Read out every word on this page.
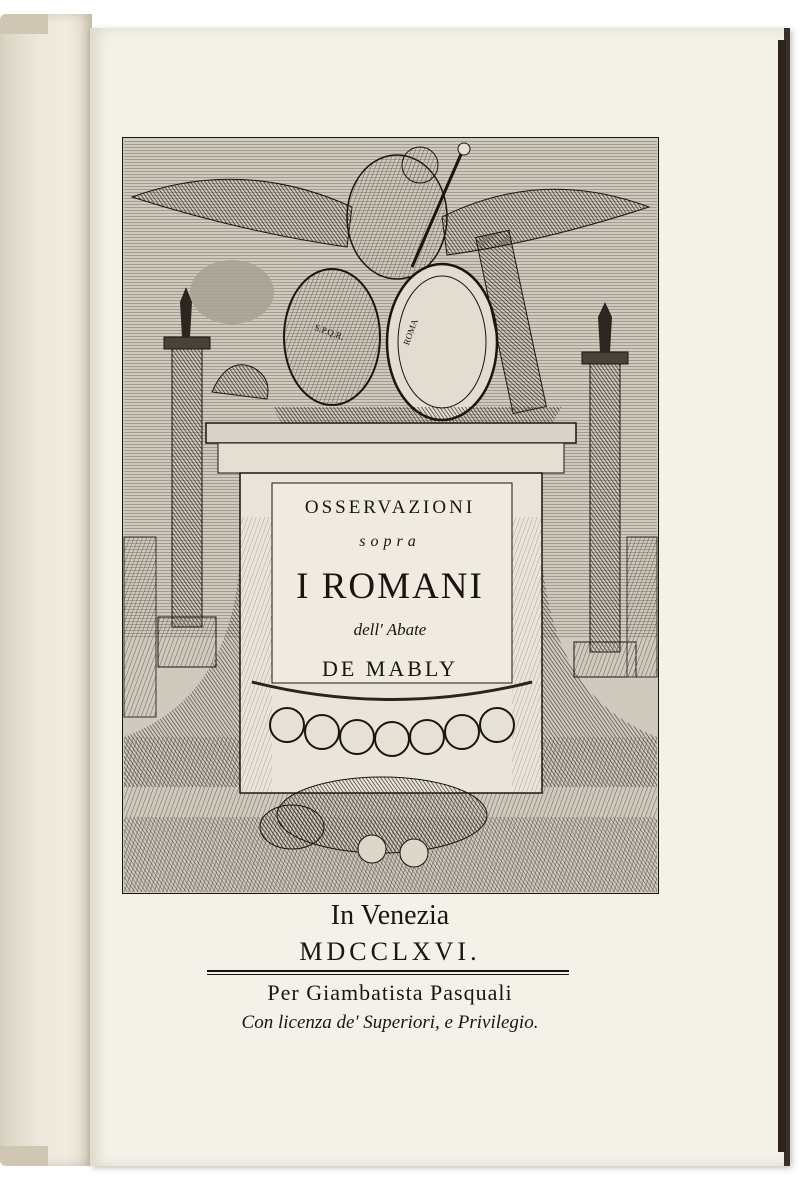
S.P.Q.R.	ROMA
OSSERVAZIONI
sopra
I ROMANI
dell' Abate
DE MABLY
In Venezia
MDCCLXVI.
Per Giambatista Pasquali
Con licenza de' Superiori, e Privilegio.
